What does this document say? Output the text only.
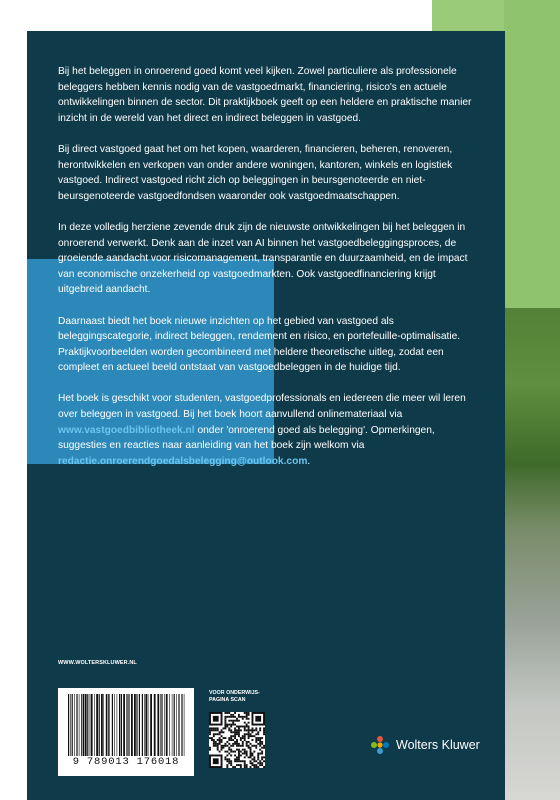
Bij het beleggen in onroerend goed komt veel kijken. Zowel particuliere als professionele beleggers hebben kennis nodig van de vastgoedmarkt, financiering, risico's en actuele ontwikkelingen binnen de sector. Dit praktijkboek geeft op een heldere en praktische manier inzicht in de wereld van het direct en indirect beleggen in vastgoed.

Bij direct vastgoed gaat het om het kopen, waarderen, financieren, beheren, renoveren, herontwikkelen en verkopen van onder andere woningen, kantoren, winkels en logistiek vastgoed. Indirect vastgoed richt zich op beleggingen in beursgenoteerde en niet-beursgenoteerde vastgoedfondsen waaronder ook vastgoedmaatschappen.

In deze volledig herziene zevende druk zijn de nieuwste ontwikkelingen bij het beleggen in onroerend verwerkt. Denk aan de inzet van AI binnen het vastgoedbeleggingsproces, de groeiende aandacht voor risicomanagement, transparantie en duurzaamheid, en de impact van economische onzekerheid op vastgoedmarkten. Ook vastgoedfinanciering krijgt uitgebreid aandacht.

Daarnaast biedt het boek nieuwe inzichten op het gebied van vastgoed als beleggingscategorie, indirect beleggen, rendement en risico, en portefeuille-optimalisatie. Praktijkvoorbeelden worden gecombineerd met heldere theoretische uitleg, zodat een compleet en actueel beeld ontstaat van vastgoedbeleggen in de huidige tijd.

Het boek is geschikt voor studenten, vastgoedprofessionals en iedereen die meer wil leren over beleggen in vastgoed. Bij het boek hoort aanvullend onlinemateriaal via www.vastgoedbibliotheek.nl onder 'onroerend goed als belegging'. Opmerkingen, suggesties en reacties naar aanleiding van het boek zijn welkom via redactie.onroerendgoedalsbelegging@outlook.com.

WWW.WOLTERSKLUWER.NL
9 789013 176018
VOOR ONDERWIJS-PAGINA SCAN
Wolters Kluwer
